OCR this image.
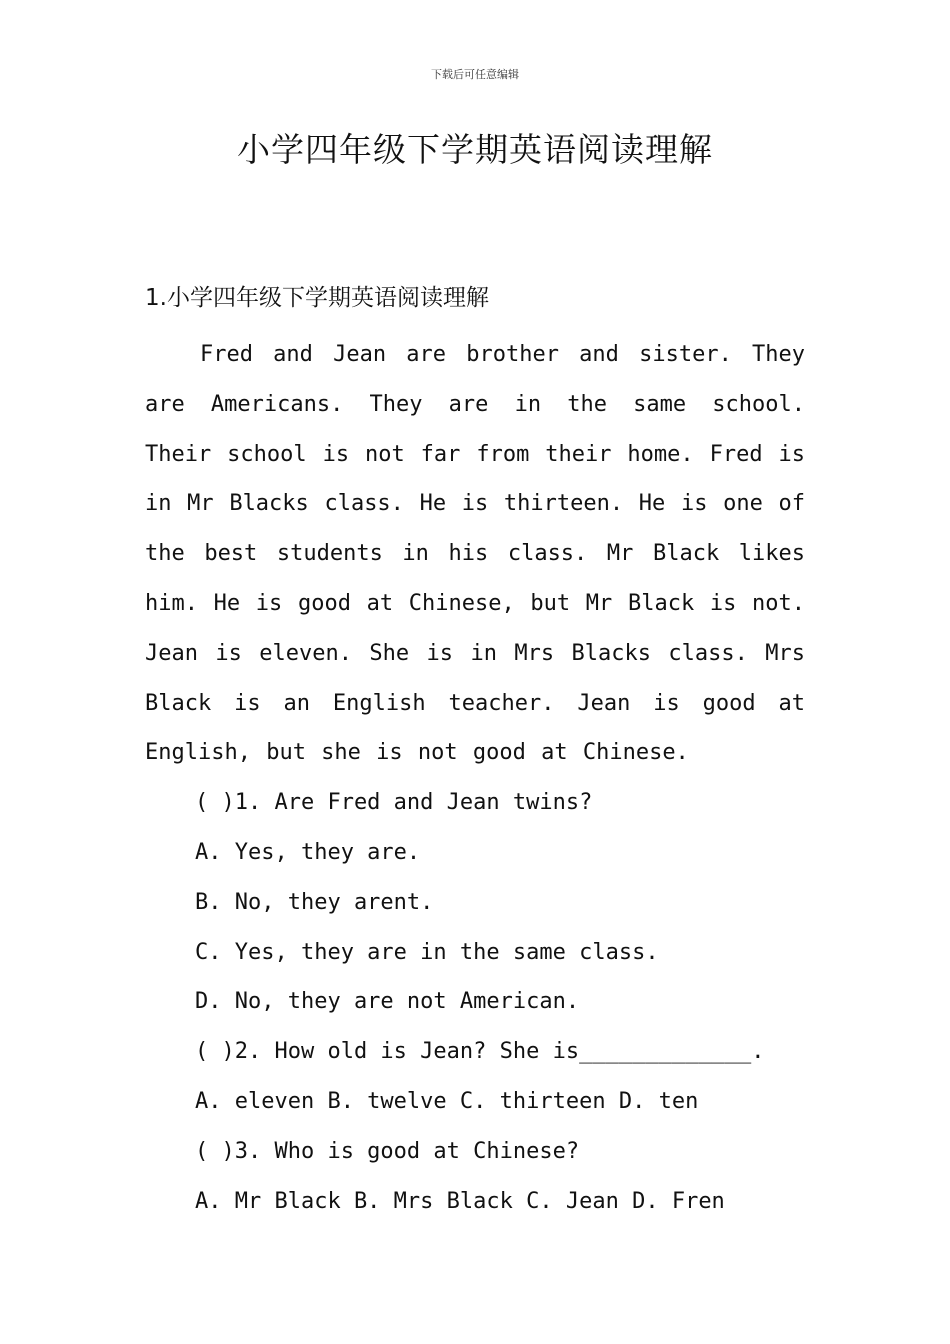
下载后可任意编辑
小学四年级下学期英语阅读理解
1.小学四年级下学期英语阅读理解

Fred and Jean are brother and sister. They are Americans. They are in the same school. Their school is not far from their home. Fred is in Mr Blacks class. He is thirteen. He is one of the best students in his class. Mr Black likes him. He is good at Chinese, but Mr Black is not. Jean is eleven. She is in Mrs Blacks class. Mrs Black is an English teacher. Jean is good at English, but she is not good at Chinese.

( )1. Are Fred and Jean twins?
A. Yes, they are.
B. No, they arent.
C. Yes, they are in the same class.
D. No, they are not American.
( )2. How old is Jean? She is_____________.
A. eleven B. twelve C. thirteen D. ten
( )3. Who is good at Chinese?
A. Mr Black B. Mrs Black C. Jean D. Fren
